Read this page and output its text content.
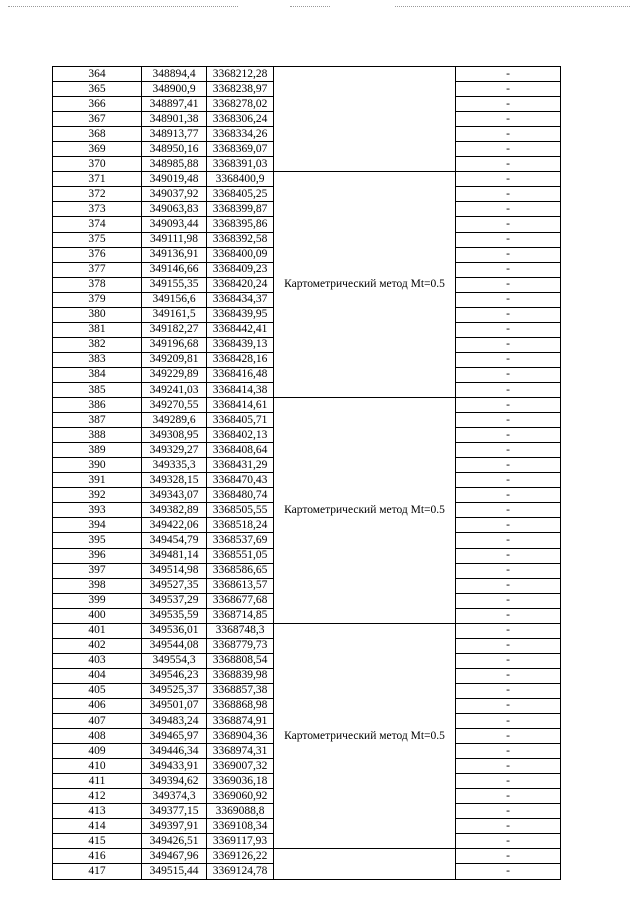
364	348894,4	3368212,28		-
365	348900,9	3368238,97		-
366	348897,41	3368278,02		-
367	348901,38	3368306,24		-
368	348913,77	3368334,26		-
369	348950,16	3368369,07		-
370	348985,88	3368391,03		-
371	349019,48	3368400,9	Картометрический метод Mt=0.5	-
372	349037,92	3368405,25		-
373	349063,83	3368399,87		-
374	349093,44	3368395,86		-
375	349111,98	3368392,58		-
376	349136,91	3368400,09		-
377	349146,66	3368409,23		-
378	349155,35	3368420,24		-
379	349156,6	3368434,37		-
380	349161,5	3368439,95		-
381	349182,27	3368442,41		-
382	349196,68	3368439,13		-
383	349209,81	3368428,16		-
384	349229,89	3368416,48		-
385	349241,03	3368414,38		-
386	349270,55	3368414,61	Картометрический метод Mt=0.5	-
387	349289,6	3368405,71		-
388	349308,95	3368402,13		-
389	349329,27	3368408,64		-
390	349335,3	3368431,29		-
391	349328,15	3368470,43		-
392	349343,07	3368480,74		-
393	349382,89	3368505,55		-
394	349422,06	3368518,24		-
395	349454,79	3368537,69		-
396	349481,14	3368551,05		-
397	349514,98	3368586,65		-
398	349527,35	3368613,57		-
399	349537,29	3368677,68		-
400	349535,59	3368714,85		-
401	349536,01	3368748,3	Картометрический метод Mt=0.5	-
402	349544,08	3368779,73		-
403	349554,3	3368808,54		-
404	349546,23	3368839,98		-
405	349525,37	3368857,38		-
406	349501,07	3368868,98		-
407	349483,24	3368874,91		-
408	349465,97	3368904,36		-
409	349446,34	3368974,31		-
410	349433,91	3369007,32		-
411	349394,62	3369036,18		-
412	349374,3	3369060,92		-
413	349377,15	3369088,8		-
414	349397,91	3369108,34		-
415	349426,51	3369117,93		-
416	349467,96	3369126,22		-
417	349515,44	3369124,78		-
